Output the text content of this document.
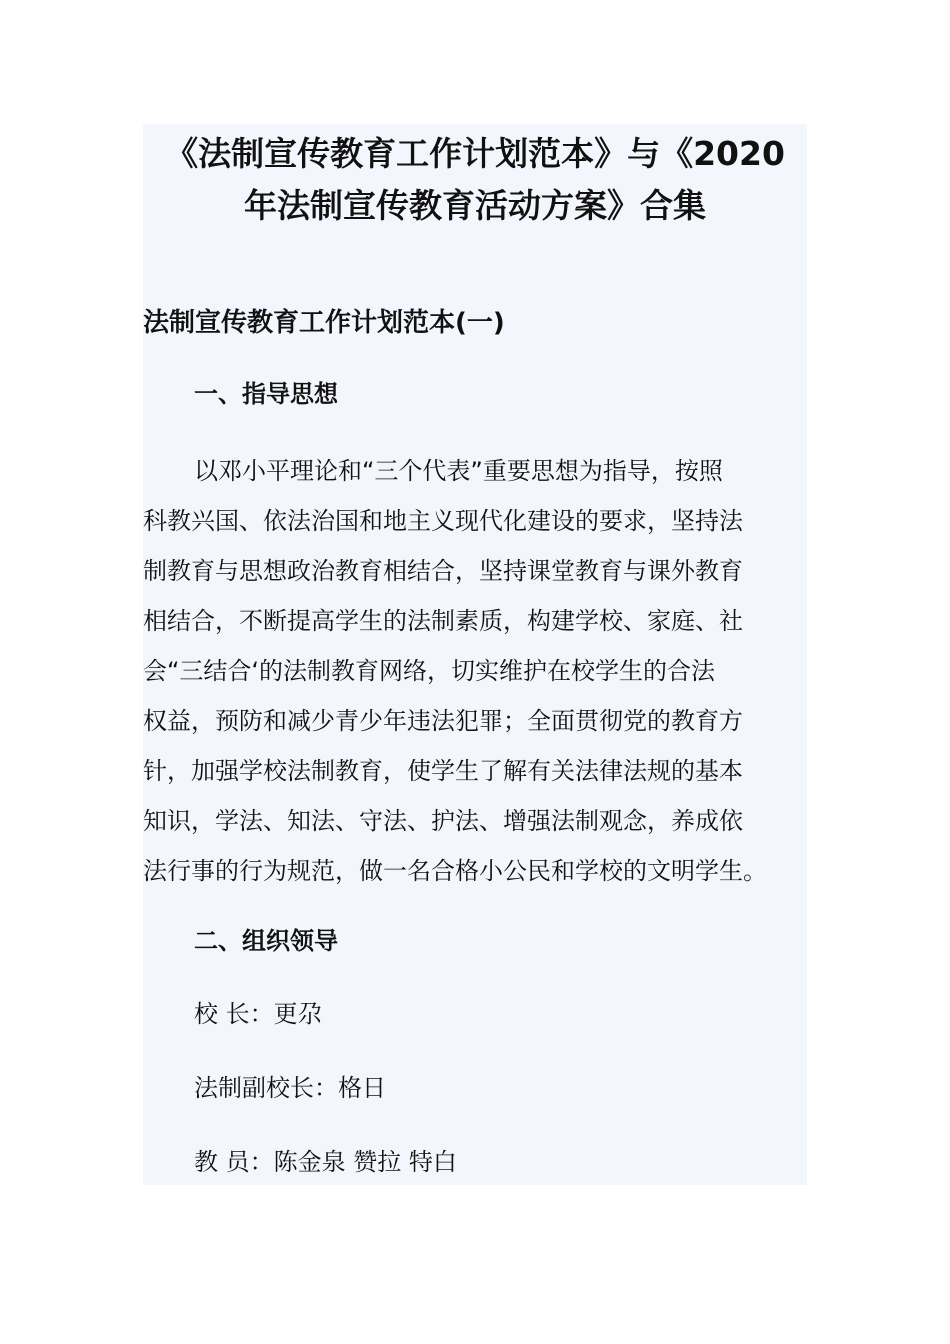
《法制宣传教育工作计划范本》与《2020
年法制宣传教育活动方案》合集
法制宣传教育工作计划范本(一)
一、指导思想

以邓小平理论和“三个代表”重要思想为指导，按照
科教兴国、依法治国和地主义现代化建设的要求，坚持法
制教育与思想政治教育相结合，坚持课堂教育与课外教育
相结合，不断提高学生的法制素质，构建学校、家庭、社
会“三结合‘的法制教育网络，切实维护在校学生的合法
权益，预防和减少青少年违法犯罪；全面贯彻党的教育方
针，加强学校法制教育，使学生了解有关法律法规的基本
知识，学法、知法、守法、护法、增强法制观念，养成依
法行事的行为规范，做一名合格小公民和学校的文明学生。

二、组织领导

校 长：更尕

法制副校长：格日

教 员：陈金泉 赞拉 特白
